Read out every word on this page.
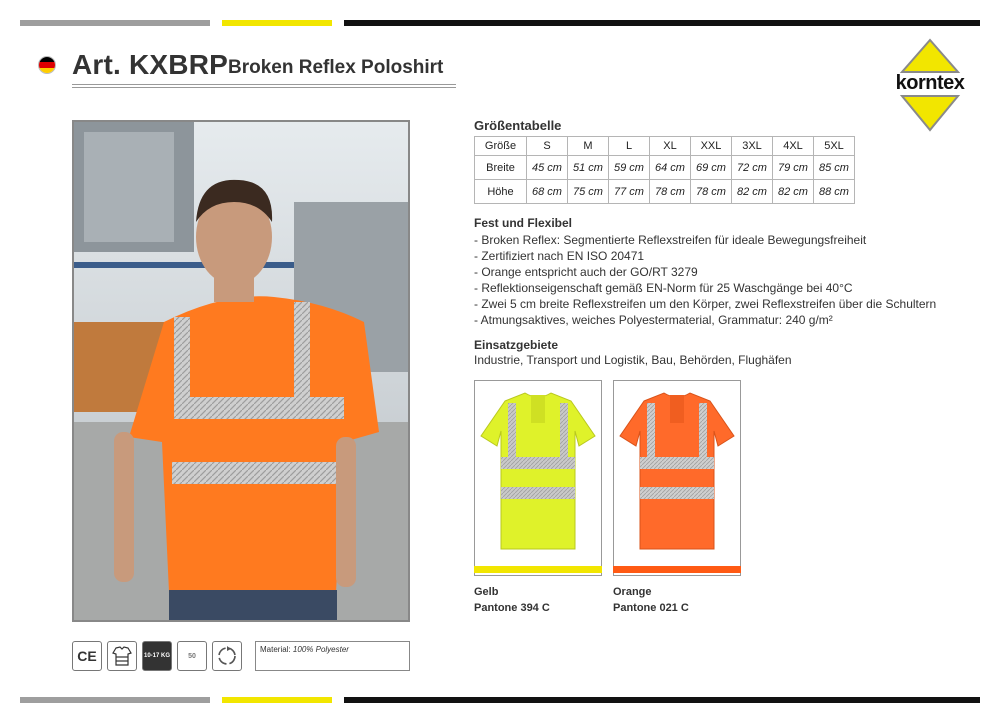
Art. KXBRP Broken Reflex Poloshirt
korntex
Größentabelle
Größe	S	M	L	XL	XXL	3XL	4XL	5XL
Breite	45 cm	51 cm	59 cm	64 cm	69 cm	72 cm	79 cm	85 cm
Höhe	68 cm	75 cm	77 cm	78 cm	78 cm	82 cm	82 cm	88 cm
Fest und Flexibel
- Broken Reflex: Segmentierte Reflexstreifen für ideale Bewegungsfreiheit
- Zertifiziert nach EN ISO 20471
- Orange entspricht auch der GO/RT 3279
- Reflektionseigenschaft gemäß EN-Norm für 25 Waschgänge bei 40°C
- Zwei 5 cm breite Reflexstreifen um den Körper, zwei Reflexstreifen über die Schultern
- Atmungsaktives, weiches Polyestermaterial, Grammatur: 240 g/m²
Einsatzgebiete
Industrie, Transport und Logistik, Bau, Behörden, Flughäfen
Gelb
Pantone 394 C
Orange
Pantone 021 C
CE	10-17 KG	50
Material: 100% Polyester
